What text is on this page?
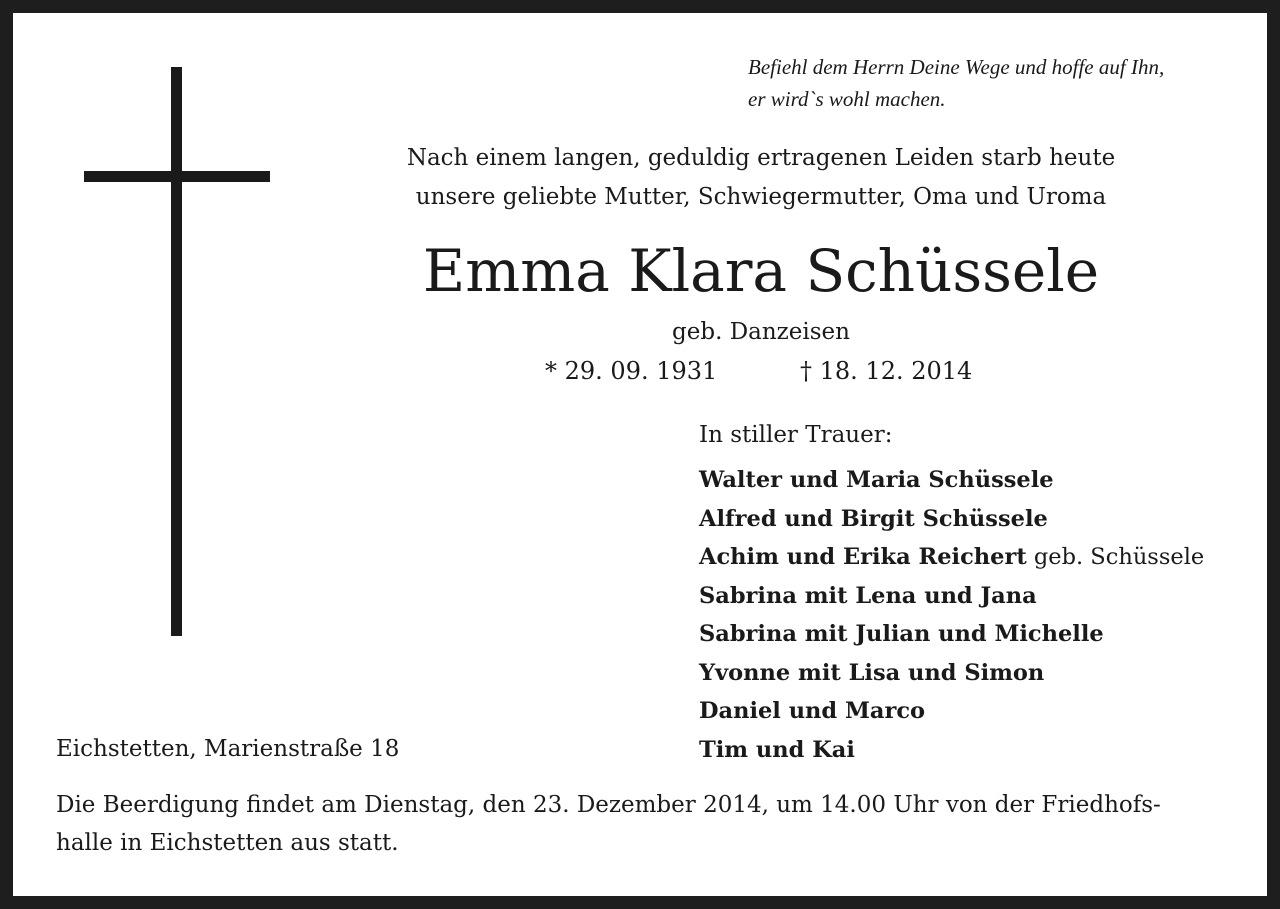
Befiehl dem Herrn Deine Wege und hoffe auf Ihn,
er wird`s wohl machen.
Nach einem langen, geduldig ertragenen Leiden starb heute
unsere geliebte Mutter, Schwiegermutter, Oma und Uroma
Emma Klara Schüssele
geb. Danzeisen
* 29. 09. 1931	† 18. 12. 2014
In stiller Trauer:
Walter und Maria Schüssele
Alfred und Birgit Schüssele
Achim und Erika Reichert geb. Schüssele
Sabrina mit Lena und Jana
Sabrina mit Julian und Michelle
Yvonne mit Lisa und Simon
Daniel und Marco
Tim und Kai
Eichstetten, Marienstraße 18
Die Beerdigung findet am Dienstag, den 23. Dezember 2014, um 14.00 Uhr von der Friedhofs-
halle in Eichstetten aus statt.
